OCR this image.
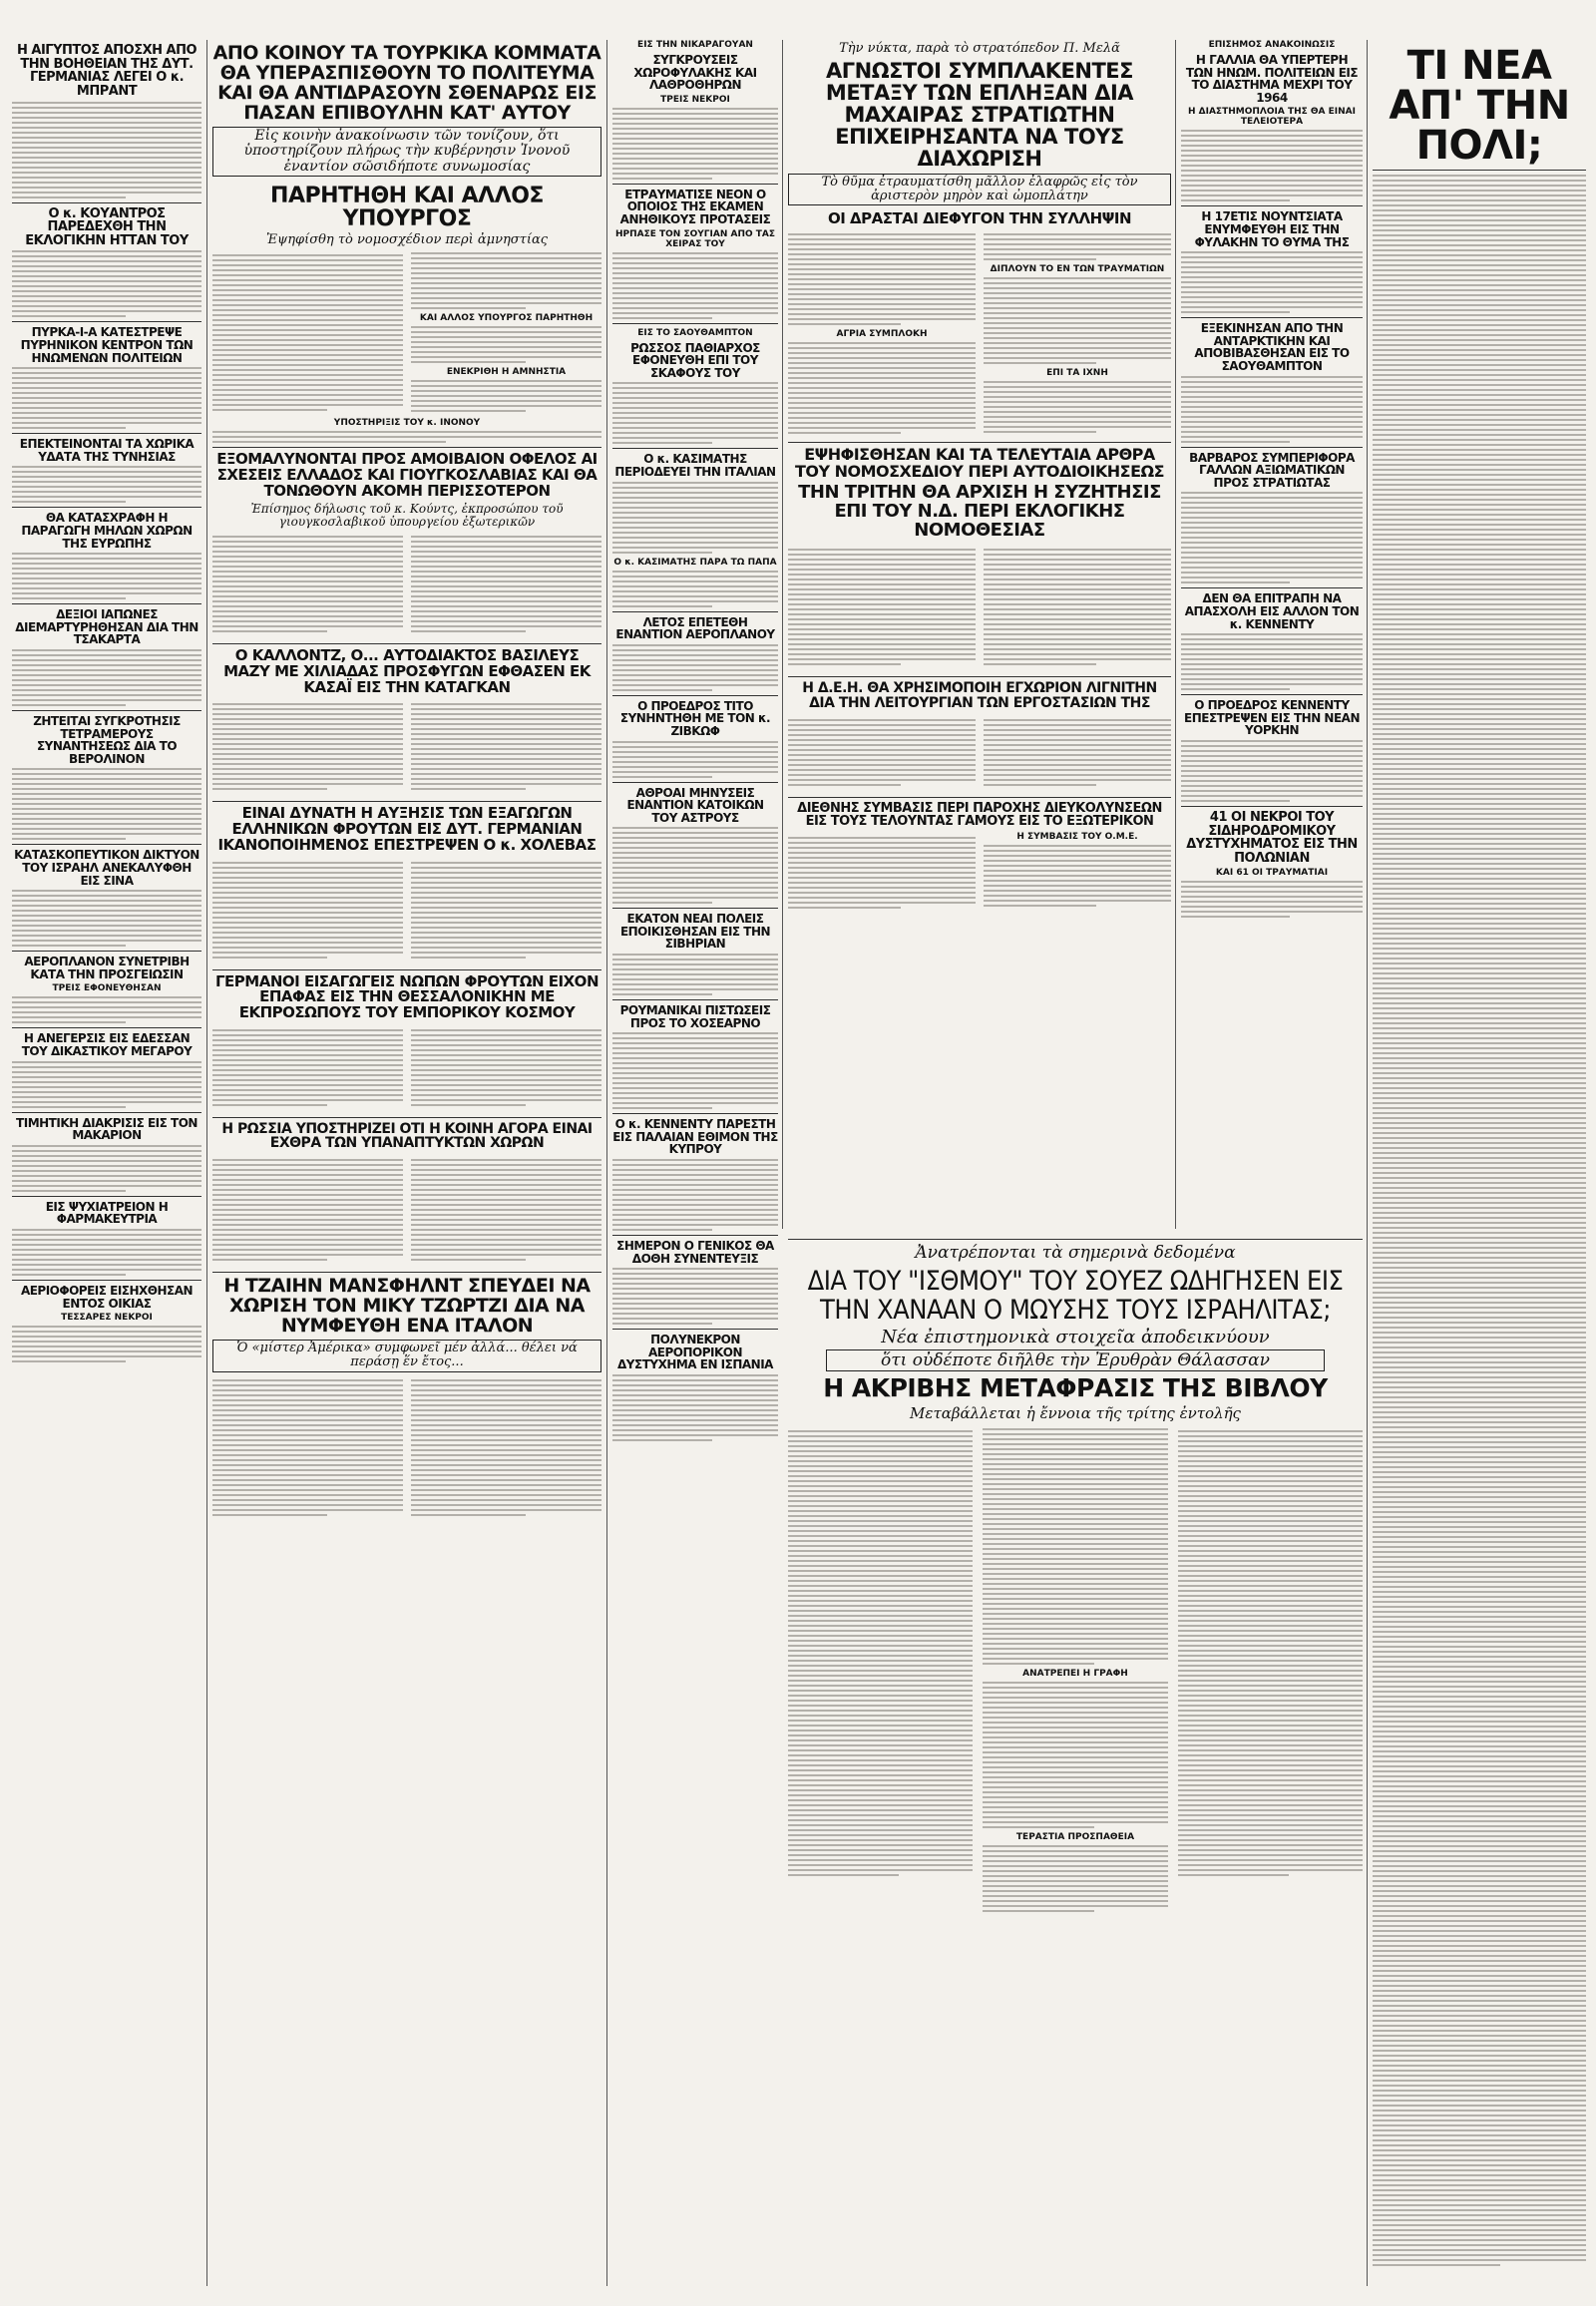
Η ΑΙΓΥΠΤΟΣ ΑΠΟΣΧΗ ΑΠΟ ΤΗΝ ΒΟΗΘΕΙΑΝ ΤΗΣ ΔΥΤ. ΓΕΡΜΑΝΙΑΣ ΛΕΓΕΙ Ο κ. ΜΠΡΑΝΤ
Ο κ. ΚΟΥΑΝΤΡΟΣ ΠΑΡΕΔΕΧΘΗ ΤΗΝ ΕΚΛΟΓΙΚΗΝ ΗΤΤΑΝ ΤΟΥ
ΠΥΡΚΑ-Ι-Α ΚΑΤΕΣΤΡΕΨΕ ΠΥΡΗΝΙΚΟΝ ΚΕΝΤΡΟΝ ΤΩΝ ΗΝΩΜΕΝΩΝ ΠΟΛΙΤΕΙΩΝ
ΕΠΕΚΤΕΙΝΟΝΤΑΙ ΤΑ ΧΩΡΙΚΑ ΥΔΑΤΑ ΤΗΣ ΤΥΝΗΣΙΑΣ
ΘΑ ΚΑΤΑΣΧΡΑΦΗ Η ΠΑΡΑΓΩΓΗ ΜΗΛΩΝ ΧΩΡΩΝ ΤΗΣ ΕΥΡΩΠΗΣ
ΔΕΞΙΟΙ ΙΑΠΩΝΕΣ ΔΙΕΜΑΡΤΥΡΗΘΗΣΑΝ ΔΙΑ ΤΗΝ ΤΣΑΚΑΡΤΑ
ΖΗΤΕΙΤΑΙ ΣΥΓΚΡΟΤΗΣΙΣ ΤΕΤΡΑΜΕΡΟΥΣ ΣΥΝΑΝΤΗΣΕΩΣ ΔΙΑ ΤΟ ΒΕΡΟΛΙΝΟΝ
ΚΑΤΑΣΚΟΠΕΥΤΙΚΟΝ ΔΙΚΤΥΟΝ ΤΟΥ ΙΣΡΑΗΛ ΑΝΕΚΑΛΥΦΘΗ ΕΙΣ ΣΙΝΑ
ΑΕΡΟΠΛΑΝΟΝ ΣΥΝΕΤΡΙΒΗ ΚΑΤΑ ΤΗΝ ΠΡΟΣΓΕΙΩΣΙΝ
ΤΡΕΙΣ ΕΦΟΝΕΥΘΗΣΑΝ
Η ΑΝΕΓΕΡΣΙΣ ΕΙΣ ΕΔΕΣΣΑΝ ΤΟΥ ΔΙΚΑΣΤΙΚΟΥ ΜΕΓΑΡΟΥ
ΤΙΜΗΤΙΚΗ ΔΙΑΚΡΙΣΙΣ ΕΙΣ ΤΟΝ ΜΑΚΑΡΙΟΝ
ΕΙΣ ΨΥΧΙΑΤΡΕΙΟΝ Η ΦΑΡΜΑΚΕΥΤΡΙΑ
ΑΕΡΙΟΦΟΡΕΙΣ ΕΙΣΗΧΘΗΣΑΝ ΕΝΤΟΣ ΟΙΚΙΑΣ
ΤΕΣΣΑΡΕΣ ΝΕΚΡΟΙ
ΑΠΟ ΚΟΙΝΟΥ ΤΑ ΤΟΥΡΚΙΚΑ ΚΟΜΜΑΤΑ ΘΑ ΥΠΕΡΑΣΠΙΣΘΟΥΝ ΤΟ ΠΟΛΙΤΕΥΜΑ ΚΑΙ ΘΑ ΑΝΤΙΔΡΑΣΟΥΝ ΣΘΕΝΑΡΩΣ ΕΙΣ ΠΑΣΑΝ ΕΠΙΒΟΥΛΗΝ ΚΑΤ' ΑΥΤΟΥ
Εἰς κοινὴν ἀνακοίνωσιν τῶν τονίζουν, ὅτι ὑποστηρίζουν πλήρως τὴν κυβέρνησιν Ἰνονοῦ ἐναντίον σῶσιδήποτε συνωμοσίας
ΠΑΡΗΤΗΘΗ ΚΑΙ ΑΛΛΟΣ ΥΠΟΥΡΓΟΣ
Ἐψηφίσθη τὸ νομοσχέδιον περὶ ἀμνηστίας
ΚΑΙ ΑΛΛΟΣ ΥΠΟΥΡΓΟΣ ΠΑΡΗΤΗΘΗ
ΕΝΕΚΡΙΘΗ Η ΑΜΝΗΣΤΙΑ
ΥΠΟΣΤΗΡΙΞΙΣ ΤΟΥ κ. ΙΝΟΝΟΥ
ΕΞΟΜΑΛΥΝΟΝΤΑΙ ΠΡΟΣ ΑΜΟΙΒΑΙΟΝ ΟΦΕΛΟΣ ΑΙ ΣΧΕΣΕΙΣ ΕΛΛΑΔΟΣ ΚΑΙ ΓΙΟΥΓΚΟΣΛΑΒΙΑΣ ΚΑΙ ΘΑ ΤΟΝΩΘΟΥΝ ΑΚΟΜΗ ΠΕΡΙΣΣΟΤΕΡΟΝ
Ἐπίσημος δήλωσις τοῦ κ. Κούντς, ἐκπροσώπου τοῦ γιουγκοσλαβικοῦ ὑπουργείου ἐξωτερικῶν
Ο ΚΑΛΛΟΝΤΖ, Ο... ΑΥΤΟΔΙΑΚΤΟΣ ΒΑΣΙΛΕΥΣ ΜΑΖΥ ΜΕ ΧΙΛΙΑΔΑΣ ΠΡΟΣΦΥΓΩΝ ΕΦΘΑΣΕΝ ΕΚ ΚΑΣΑΪ ΕΙΣ ΤΗΝ ΚΑΤΑΓΚΑΝ
ΕΙΝΑΙ ΔΥΝΑΤΗ Η ΑΥΞΗΣΙΣ ΤΩΝ ΕΞΑΓΩΓΩΝ ΕΛΛΗΝΙΚΩΝ ΦΡΟΥΤΩΝ ΕΙΣ ΔΥΤ. ΓΕΡΜΑΝΙΑΝ ΙΚΑΝΟΠΟΙΗΜΕΝΟΣ ΕΠΕΣΤΡΕΨΕΝ Ο κ. ΧΟΛΕΒΑΣ
ΓΕΡΜΑΝΟΙ ΕΙΣΑΓΩΓΕΙΣ ΝΩΠΩΝ ΦΡΟΥΤΩΝ ΕΙΧΟΝ ΕΠΑΦΑΣ ΕΙΣ ΤΗΝ ΘΕΣΣΑΛΟΝΙΚΗΝ ΜΕ ΕΚΠΡΟΣΩΠΟΥΣ ΤΟΥ ΕΜΠΟΡΙΚΟΥ ΚΟΣΜΟΥ
Η ΡΩΣΣΙΑ ΥΠΟΣΤΗΡΙΖΕΙ ΟΤΙ Η ΚΟΙΝΗ ΑΓΟΡΑ ΕΙΝΑΙ ΕΧΘΡΑ ΤΩΝ ΥΠΑΝΑΠΤΥΚΤΩΝ ΧΩΡΩΝ
Η ΤΖΑΙΗΝ ΜΑΝΣΦΗΛΝΤ ΣΠΕΥΔΕΙ ΝΑ ΧΩΡΙΣΗ ΤΟΝ ΜΙΚΥ ΤΖΩΡΤΖΙ ΔΙΑ ΝΑ ΝΥΜΦΕΥΘΗ ΕΝΑ ΙΤΑΛΟΝ
Ὁ «μίστερ Ἀμέρικα» συμφωνεῖ μέν ἀλλά... θέλει νά περάσῃ ἕν ἔτος...
ΕΙΣ ΤΗΝ ΝΙΚΑΡΑΓΟΥΑΝ
ΣΥΓΚΡΟΥΣΕΙΣ ΧΩΡΟΦΥΛΑΚΗΣ ΚΑΙ ΛΑΘΡΟΘΗΡΩΝ
ΤΡΕΙΣ ΝΕΚΡΟΙ
ΕΤΡΑΥΜΑΤΙΣΕ ΝΕΟΝ Ο ΟΠΟΙΟΣ ΤΗΣ ΕΚΑΜΕΝ ΑΝΗΘΙΚΟΥΣ ΠΡΟΤΑΣΕΙΣ
ΗΡΠΑΣΕ ΤΟΝ ΣΟΥΓΙΑΝ ΑΠΟ ΤΑΣ ΧΕΙΡΑΣ ΤΟΥ
ΕΙΣ ΤΟ ΣΑΟΥΘΑΜΠΤΟΝ
ΡΩΣΣΟΣ ΠΑΘΙΑΡΧΟΣ ΕΦΟΝΕΥΘΗ ΕΠΙ ΤΟΥ ΣΚΑΦΟΥΣ ΤΟΥ
Ο κ. ΚΑΣΙΜΑΤΗΣ ΠΕΡΙΟΔΕΥΕΙ ΤΗΝ ΙΤΑΛΙΑΝ
Ο κ. ΚΑΣΙΜΑΤΗΣ ΠΑΡΑ ΤΩ ΠΑΠΑ
ΛΕΤΟΣ ΕΠΕΤΕΘΗ ΕΝΑΝΤΙΟΝ ΑΕΡΟΠΛΑΝΟΥ
Ο ΠΡΟΕΔΡΟΣ ΤΙΤΟ ΣΥΝΗΝΤΗΘΗ ΜΕ ΤΟΝ κ. ΖΙΒΚΩΦ
ΑΘΡΟΑΙ ΜΗΝΥΣΕΙΣ ΕΝΑΝΤΙΟΝ ΚΑΤΟΙΚΩΝ ΤΟΥ ΑΣΤΡΟΥΣ
ΕΚΑΤΟΝ ΝΕΑΙ ΠΟΛΕΙΣ ΕΠΟΙΚΙΣΘΗΣΑΝ ΕΙΣ ΤΗΝ ΣΙΒΗΡΙΑΝ
ΡΟΥΜΑΝΙΚΑΙ ΠΙΣΤΩΣΕΙΣ ΠΡΟΣ ΤΟ ΧΟΣΕΑΡΝΟ
Ο κ. ΚΕΝΝΕΝΤΥ ΠΑΡΕΣΤΗ ΕΙΣ ΠΑΛΑΙΑΝ ΕΘΙΜΟΝ ΤΗΣ ΚΥΠΡΟΥ
ΣΗΜΕΡΟΝ Ο ΓΕΝΙΚΟΣ ΘΑ ΔΟΘΗ ΣΥΝΕΝΤΕΥΞΙΣ
ΠΟΛΥΝΕΚΡΟΝ ΑΕΡΟΠΟΡΙΚΟΝ ΔΥΣΤΥΧΗΜΑ ΕΝ ΙΣΠΑΝΙΑ
Τὴν νύκτα, παρὰ τὸ στρατόπεδον Π. Μελᾶ
ΑΓΝΩΣΤΟΙ ΣΥΜΠΛΑΚΕΝΤΕΣ ΜΕΤΑΞΥ ΤΩΝ ΕΠΛΗΞΑΝ ΔΙΑ ΜΑΧΑΙΡΑΣ ΣΤΡΑΤΙΩΤΗΝ ΕΠΙΧΕΙΡΗΣΑΝΤΑ ΝΑ ΤΟΥΣ ΔΙΑΧΩΡΙΣΗ
Τὸ θῦμα ἐτραυματίσθη μᾶλλον ἐλαφρῶς εἰς τὸν ἀριστερὸν μηρὸν καὶ ὠμοπλάτην
ΟΙ ΔΡΑΣΤΑΙ ΔΙΕΦΥΓΟΝ ΤΗΝ ΣΥΛΛΗΨΙΝ
ΑΓΡΙΑ ΣΥΜΠΛΟΚΗ
ΔΙΠΛΟΥΝ ΤΟ ΕΝ ΤΩΝ ΤΡΑΥΜΑΤΙΩΝ
ΕΠΙ ΤΑ ΙΧΝΗ
ΕΨΗΦΙΣΘΗΣΑΝ ΚΑΙ ΤΑ ΤΕΛΕΥΤΑΙΑ ΑΡΘΡΑ ΤΟΥ ΝΟΜΟΣΧΕΔΙΟΥ ΠΕΡΙ ΑΥΤΟΔΙΟΙΚΗΣΕΩΣ
ΤΗΝ ΤΡΙΤΗΝ ΘΑ ΑΡΧΙΣΗ Η ΣΥΖΗΤΗΣΙΣ ΕΠΙ ΤΟΥ Ν.Δ. ΠΕΡΙ ΕΚΛΟΓΙΚΗΣ ΝΟΜΟΘΕΣΙΑΣ
Η Δ.Ε.Η. ΘΑ ΧΡΗΣΙΜΟΠΟΙΗ ΕΓΧΩΡΙΟΝ ΛΙΓΝΙΤΗΝ ΔΙΑ ΤΗΝ ΛΕΙΤΟΥΡΓΙΑΝ ΤΩΝ ΕΡΓΟΣΤΑΣΙΩΝ ΤΗΣ
ΔΙΕΘΝΗΣ ΣΥΜΒΑΣΙΣ ΠΕΡΙ ΠΑΡΟΧΗΣ ΔΙΕΥΚΟΛΥΝΣΕΩΝ ΕΙΣ ΤΟΥΣ ΤΕΛΟΥΝΤΑΣ ΓΑΜΟΥΣ ΕΙΣ ΤΟ ΕΞΩΤΕΡΙΚΟΝ
Η ΣΥΜΒΑΣΙΣ ΤΟΥ Ο.Μ.Ε.
ΕΠΙΣΗΜΟΣ ΑΝΑΚΟΙΝΩΣΙΣ
Η ΓΑΛΛΙΑ ΘΑ ΥΠΕΡΤΕΡΗ ΤΩΝ ΗΝΩΜ. ΠΟΛΙΤΕΙΩΝ ΕΙΣ ΤΟ ΔΙΑΣΤΗΜΑ ΜΕΧΡΙ ΤΟΥ 1964
Η ΔΙΑΣΤΗΜΟΠΛΟΙΑ ΤΗΣ ΘΑ ΕΙΝΑΙ ΤΕΛΕΙΟΤΕΡΑ
Η 17ΕΤΙΣ ΝΟΥΝΤΣΙΑΤΑ ΕΝΥΜΦΕΥΘΗ ΕΙΣ ΤΗΝ ΦΥΛΑΚΗΝ ΤΟ ΘΥΜΑ ΤΗΣ
ΕΞΕΚΙΝΗΣΑΝ ΑΠΟ ΤΗΝ ΑΝΤΑΡΚΤΙΚΗΝ ΚΑΙ ΑΠΟΒΙΒΑΣΘΗΣΑΝ ΕΙΣ ΤΟ ΣΑΟΥΘΑΜΠΤΟΝ
ΒΑΡΒΑΡΟΣ ΣΥΜΠΕΡΙΦΟΡΑ ΓΑΛΛΩΝ ΑΞΙΩΜΑΤΙΚΩΝ ΠΡΟΣ ΣΤΡΑΤΙΩΤΑΣ
ΔΕΝ ΘΑ ΕΠΙΤΡΑΠΗ ΝΑ ΑΠΑΣΧΟΛΗ ΕΙΣ ΑΛΛΟΝ ΤΟΝ κ. ΚΕΝΝΕΝΤΥ
Ο ΠΡΟΕΔΡΟΣ ΚΕΝΝΕΝΤΥ ΕΠΕΣΤΡΕΨΕΝ ΕΙΣ ΤΗΝ ΝΕΑΝ ΥΟΡΚΗΝ
41 ΟΙ ΝΕΚΡΟΙ ΤΟΥ ΣΙΔΗΡΟΔΡΟΜΙΚΟΥ ΔΥΣΤΥΧΗΜΑΤΟΣ ΕΙΣ ΤΗΝ ΠΟΛΩΝΙΑΝ
ΚΑΙ 61 ΟΙ ΤΡΑΥΜΑΤΙΑΙ
ΤΙ ΝΕΑ ΑΠ' ΤΗΝ ΠΟΛΙ;
Ἀνατρέπονται τὰ σημερινὰ δεδομένα
ΔΙΑ ΤΟΥ "ΙΣΘΜΟΥ" ΤΟΥ ΣΟΥΕΖ ΩΔΗΓΗΣΕΝ ΕΙΣ ΤΗΝ ΧΑΝΑΑΝ Ο ΜΩΥΣΗΣ ΤΟΥΣ ΙΣΡΑΗΛΙΤΑΣ;
Νέα ἐπιστημονικὰ στοιχεῖα ἀποδεικνύουν
ὅτι οὐδέποτε διῆλθε τὴν Ἐρυθρὰν Θάλασσαν
Η ΑΚΡΙΒΗΣ ΜΕΤΑΦΡΑΣΙΣ ΤΗΣ ΒΙΒΛΟΥ
Μεταβάλλεται ἡ ἔννοια τῆς τρίτης ἐντολῆς
ΑΝΑΤΡΕΠΕΙ Η ΓΡΑΦΗ
ΤΕΡΑΣΤΙΑ ΠΡΟΣΠΑΘΕΙΑ
